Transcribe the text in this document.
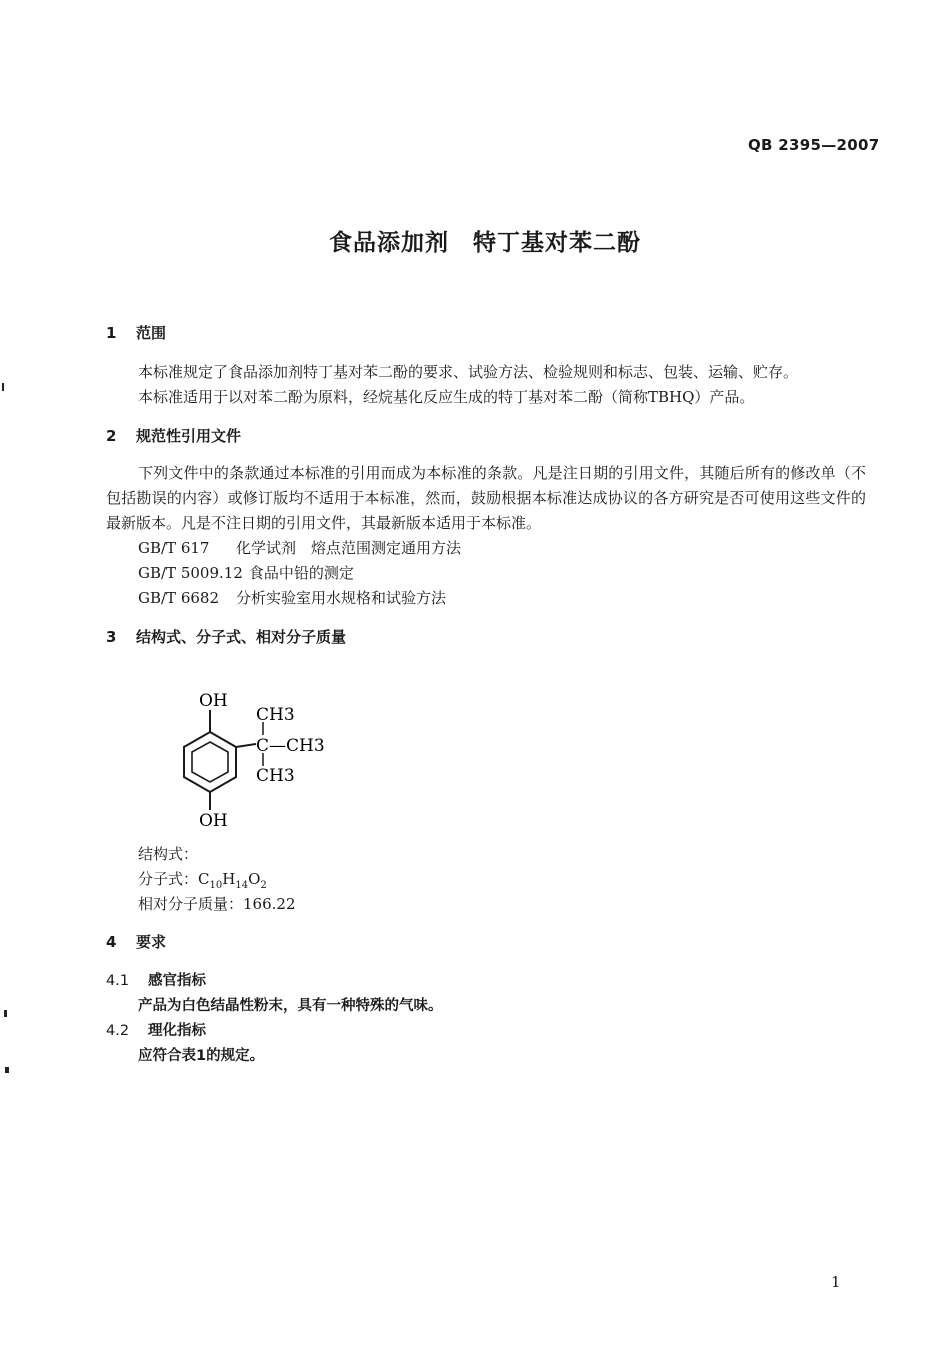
QB 2395—2007
食品添加剂　特丁基对苯二酚
1 范围
本标准规定了食品添加剂特丁基对苯二酚的要求、试验方法、检验规则和标志、包装、运输、贮存。
本标准适用于以对苯二酚为原料，经烷基化反应生成的特丁基对苯二酚（简称TBHQ）产品。
2 规范性引用文件
下列文件中的条款通过本标准的引用而成为本标准的条款。凡是注日期的引用文件，其随后所有的修改单（不包括勘误的内容）或修订版均不适用于本标准，然而，鼓励根据本标准达成协议的各方研究是否可使用这些文件的最新版本。凡是不注日期的引用文件，其最新版本适用于本标准。
GB/T 617 化学试剂　熔点范围测定通用方法
GB/T 5009.12 食品中铅的测定
GB/T 6682 分析实验室用水规格和试验方法
3 结构式、分子式、相对分子质量
OH
OH
CH3
C—CH3
CH3
结构式：
分子式：$C_{10}H_{14}O_2$
相对分子质量：166.22
4 要求
4.1 感官指标
产品为白色结晶性粉末，具有一种特殊的气味。
4.2 理化指标
应符合表1的规定。
1
